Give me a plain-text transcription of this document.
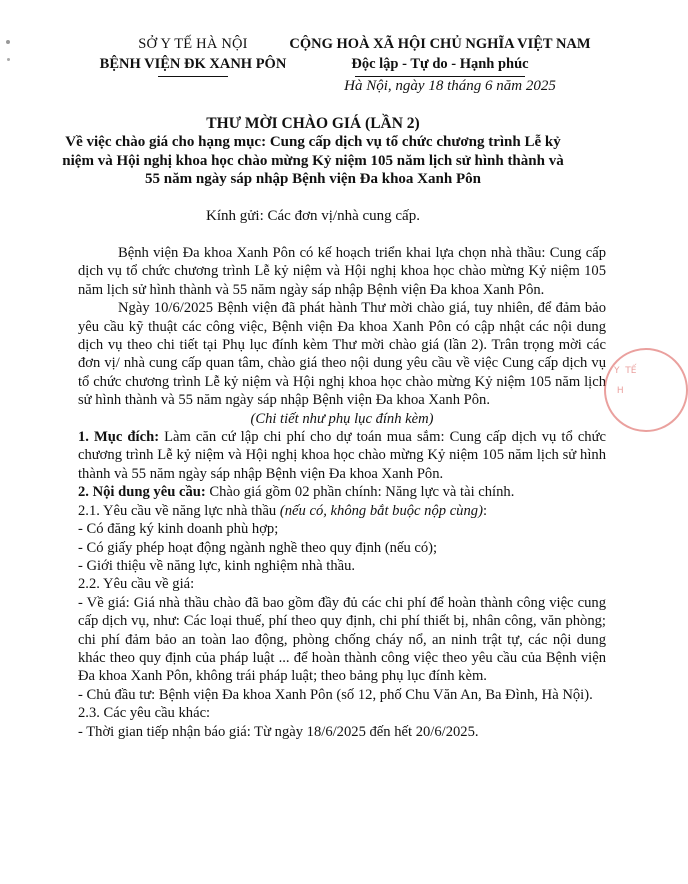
SỞ Y TẾ HÀ NỘI
BỆNH VIỆN ĐK XANH PÔN
CỘNG HOÀ XÃ HỘI CHỦ NGHĨA VIỆT NAM
Độc lập - Tự do - Hạnh phúc
Hà Nội, ngày 18 tháng 6 năm 2025
THƯ MỜI CHÀO GIÁ (LẦN 2)
Về việc chào giá cho hạng mục: Cung cấp dịch vụ tổ chức chương trình Lễ kỷ niệm và Hội nghị khoa học chào mừng Kỷ niệm 105 năm lịch sử hình thành và 55 năm ngày sáp nhập Bệnh viện Đa khoa Xanh Pôn
Kính gửi: Các đơn vị/nhà cung cấp.

Bệnh viện Đa khoa Xanh Pôn có kế hoạch triển khai lựa chọn nhà thầu: Cung cấp dịch vụ tổ chức chương trình Lễ kỷ niệm và Hội nghị khoa học chào mừng Kỷ niệm 105 năm lịch sử hình thành và 55 năm ngày sáp nhập Bệnh viện Đa khoa Xanh Pôn.

Ngày 10/6/2025 Bệnh viện đã phát hành Thư mời chào giá, tuy nhiên, để đảm bảo yêu cầu kỹ thuật các công việc, Bệnh viện Đa khoa Xanh Pôn có cập nhật các nội dung dịch vụ theo chi tiết tại Phụ lục đính kèm Thư mời chào giá (lần 2). Trân trọng mời các đơn vị/ nhà cung cấp quan tâm, chào giá theo nội dung yêu cầu về việc Cung cấp dịch vụ tổ chức chương trình Lễ kỷ niệm và Hội nghị khoa học chào mừng Kỷ niệm 105 năm lịch sử hình thành và 55 năm ngày sáp nhập Bệnh viện Đa khoa Xanh Pôn.

(Chi tiết như phụ lục đính kèm)

1. Mục đích: Làm căn cứ lập chi phí cho dự toán mua sắm: Cung cấp dịch vụ tổ chức chương trình Lễ kỷ niệm và Hội nghị khoa học chào mừng Kỷ niệm 105 năm lịch sử hình thành và 55 năm ngày sáp nhập Bệnh viện Đa khoa Xanh Pôn.

2. Nội dung yêu cầu: Chào giá gồm 02 phần chính: Năng lực và tài chính.

2.1. Yêu cầu về năng lực nhà thầu (nếu có, không bắt buộc nộp cùng):

- Có đăng ký kinh doanh phù hợp;

- Có giấy phép hoạt động ngành nghề theo quy định (nếu có);

- Giới thiệu về năng lực, kinh nghiệm nhà thầu.

2.2. Yêu cầu về giá:

- Về giá: Giá nhà thầu chào đã bao gồm đầy đủ các chi phí để hoàn thành công việc cung cấp dịch vụ, như: Các loại thuế, phí theo quy định, chi phí thiết bị, nhân công, văn phòng; chi phí đảm bảo an toàn lao động, phòng chống cháy nổ, an ninh trật tự, các nội dung khác theo quy định của pháp luật ... để hoàn thành công việc theo yêu cầu của Bệnh viện Đa khoa Xanh Pôn, không trái pháp luật; theo bảng phụ lục đính kèm.

- Chủ đầu tư: Bệnh viện Đa khoa Xanh Pôn (số 12, phố Chu Văn An, Ba Đình, Hà Nội).

2.3. Các yêu cầu khác:

- Thời gian tiếp nhận báo giá: Từ ngày 18/6/2025 đến hết 20/6/2025.

Y  TẾ

H
